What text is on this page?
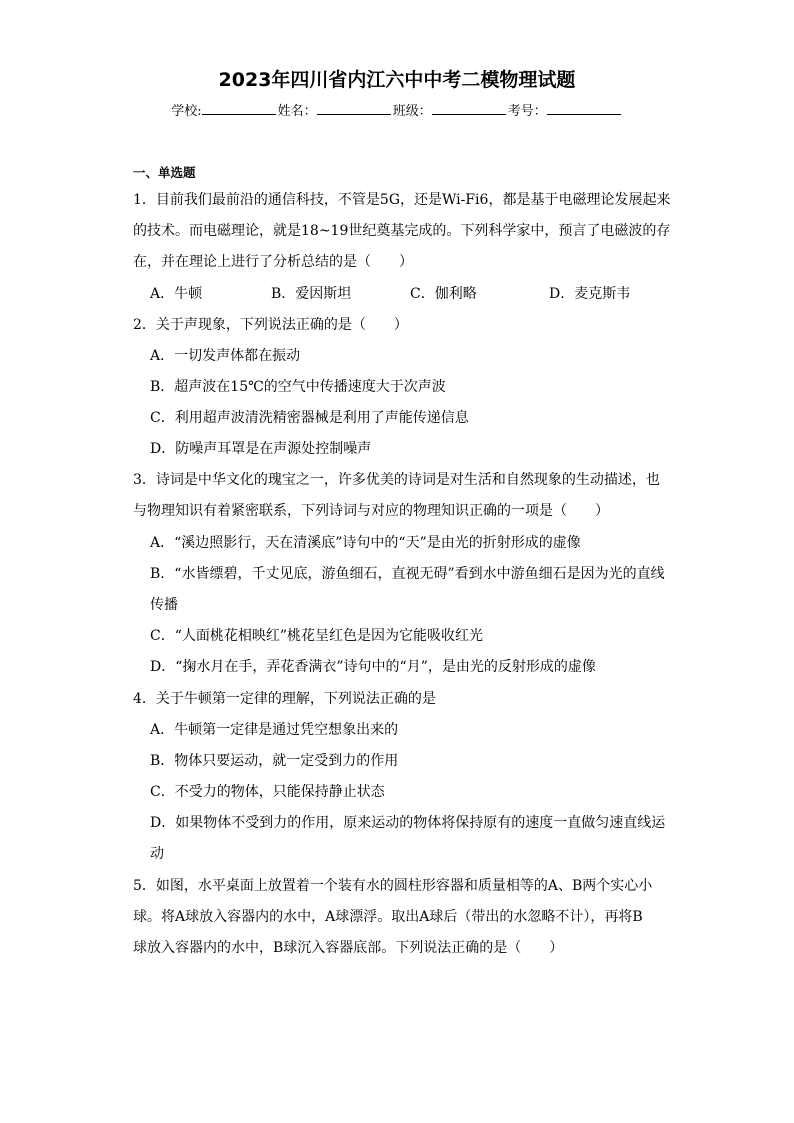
2023年四川省内江六中中考二模物理试题
学校:	姓名：	班级：	考号：
一、单选题
1．目前我们最前沿的通信科技，不管是5G，还是Wi-Fi6，都是基于电磁理论发展起来
的技术。而电磁理论，就是18~19世纪奠基完成的。下列科学家中，预言了电磁波的存
在，并在理论上进行了分析总结的是（　　）
A．牛顿	B．爱因斯坦	C．伽利略	D．麦克斯韦
2．关于声现象，下列说法正确的是（　　）
A．一切发声体都在振动
B．超声波在15℃的空气中传播速度大于次声波
C．利用超声波清洗精密器械是利用了声能传递信息
D．防噪声耳罩是在声源处控制噪声
3．诗词是中华文化的瑰宝之一，许多优美的诗词是对生活和自然现象的生动描述，也
与物理知识有着紧密联系，下列诗词与对应的物理知识正确的一项是（　　）
A．“溪边照影行，天在清溪底”诗句中的“天”是由光的折射形成的虚像
B．“水皆缥碧，千丈见底，游鱼细石，直视无碍”看到水中游鱼细石是因为光的直线
传播
C．“人面桃花相映红”桃花呈红色是因为它能吸收红光
D．“掬水月在手，弄花香满衣”诗句中的“月”，是由光的反射形成的虚像
4．关于牛顿第一定律的理解，下列说法正确的是
A．牛顿第一定律是通过凭空想象出来的
B．物体只要运动，就一定受到力的作用
C．不受力的物体，只能保持静止状态
D．如果物体不受到力的作用，原来运动的物体将保持原有的速度一直做匀速直线运
动
5．如图，水平桌面上放置着一个装有水的圆柱形容器和质量相等的A、B两个实心小
球。将A球放入容器内的水中，A球漂浮。取出A球后（带出的水忽略不计），再将B
球放入容器内的水中，B球沉入容器底部。下列说法正确的是（　　）
